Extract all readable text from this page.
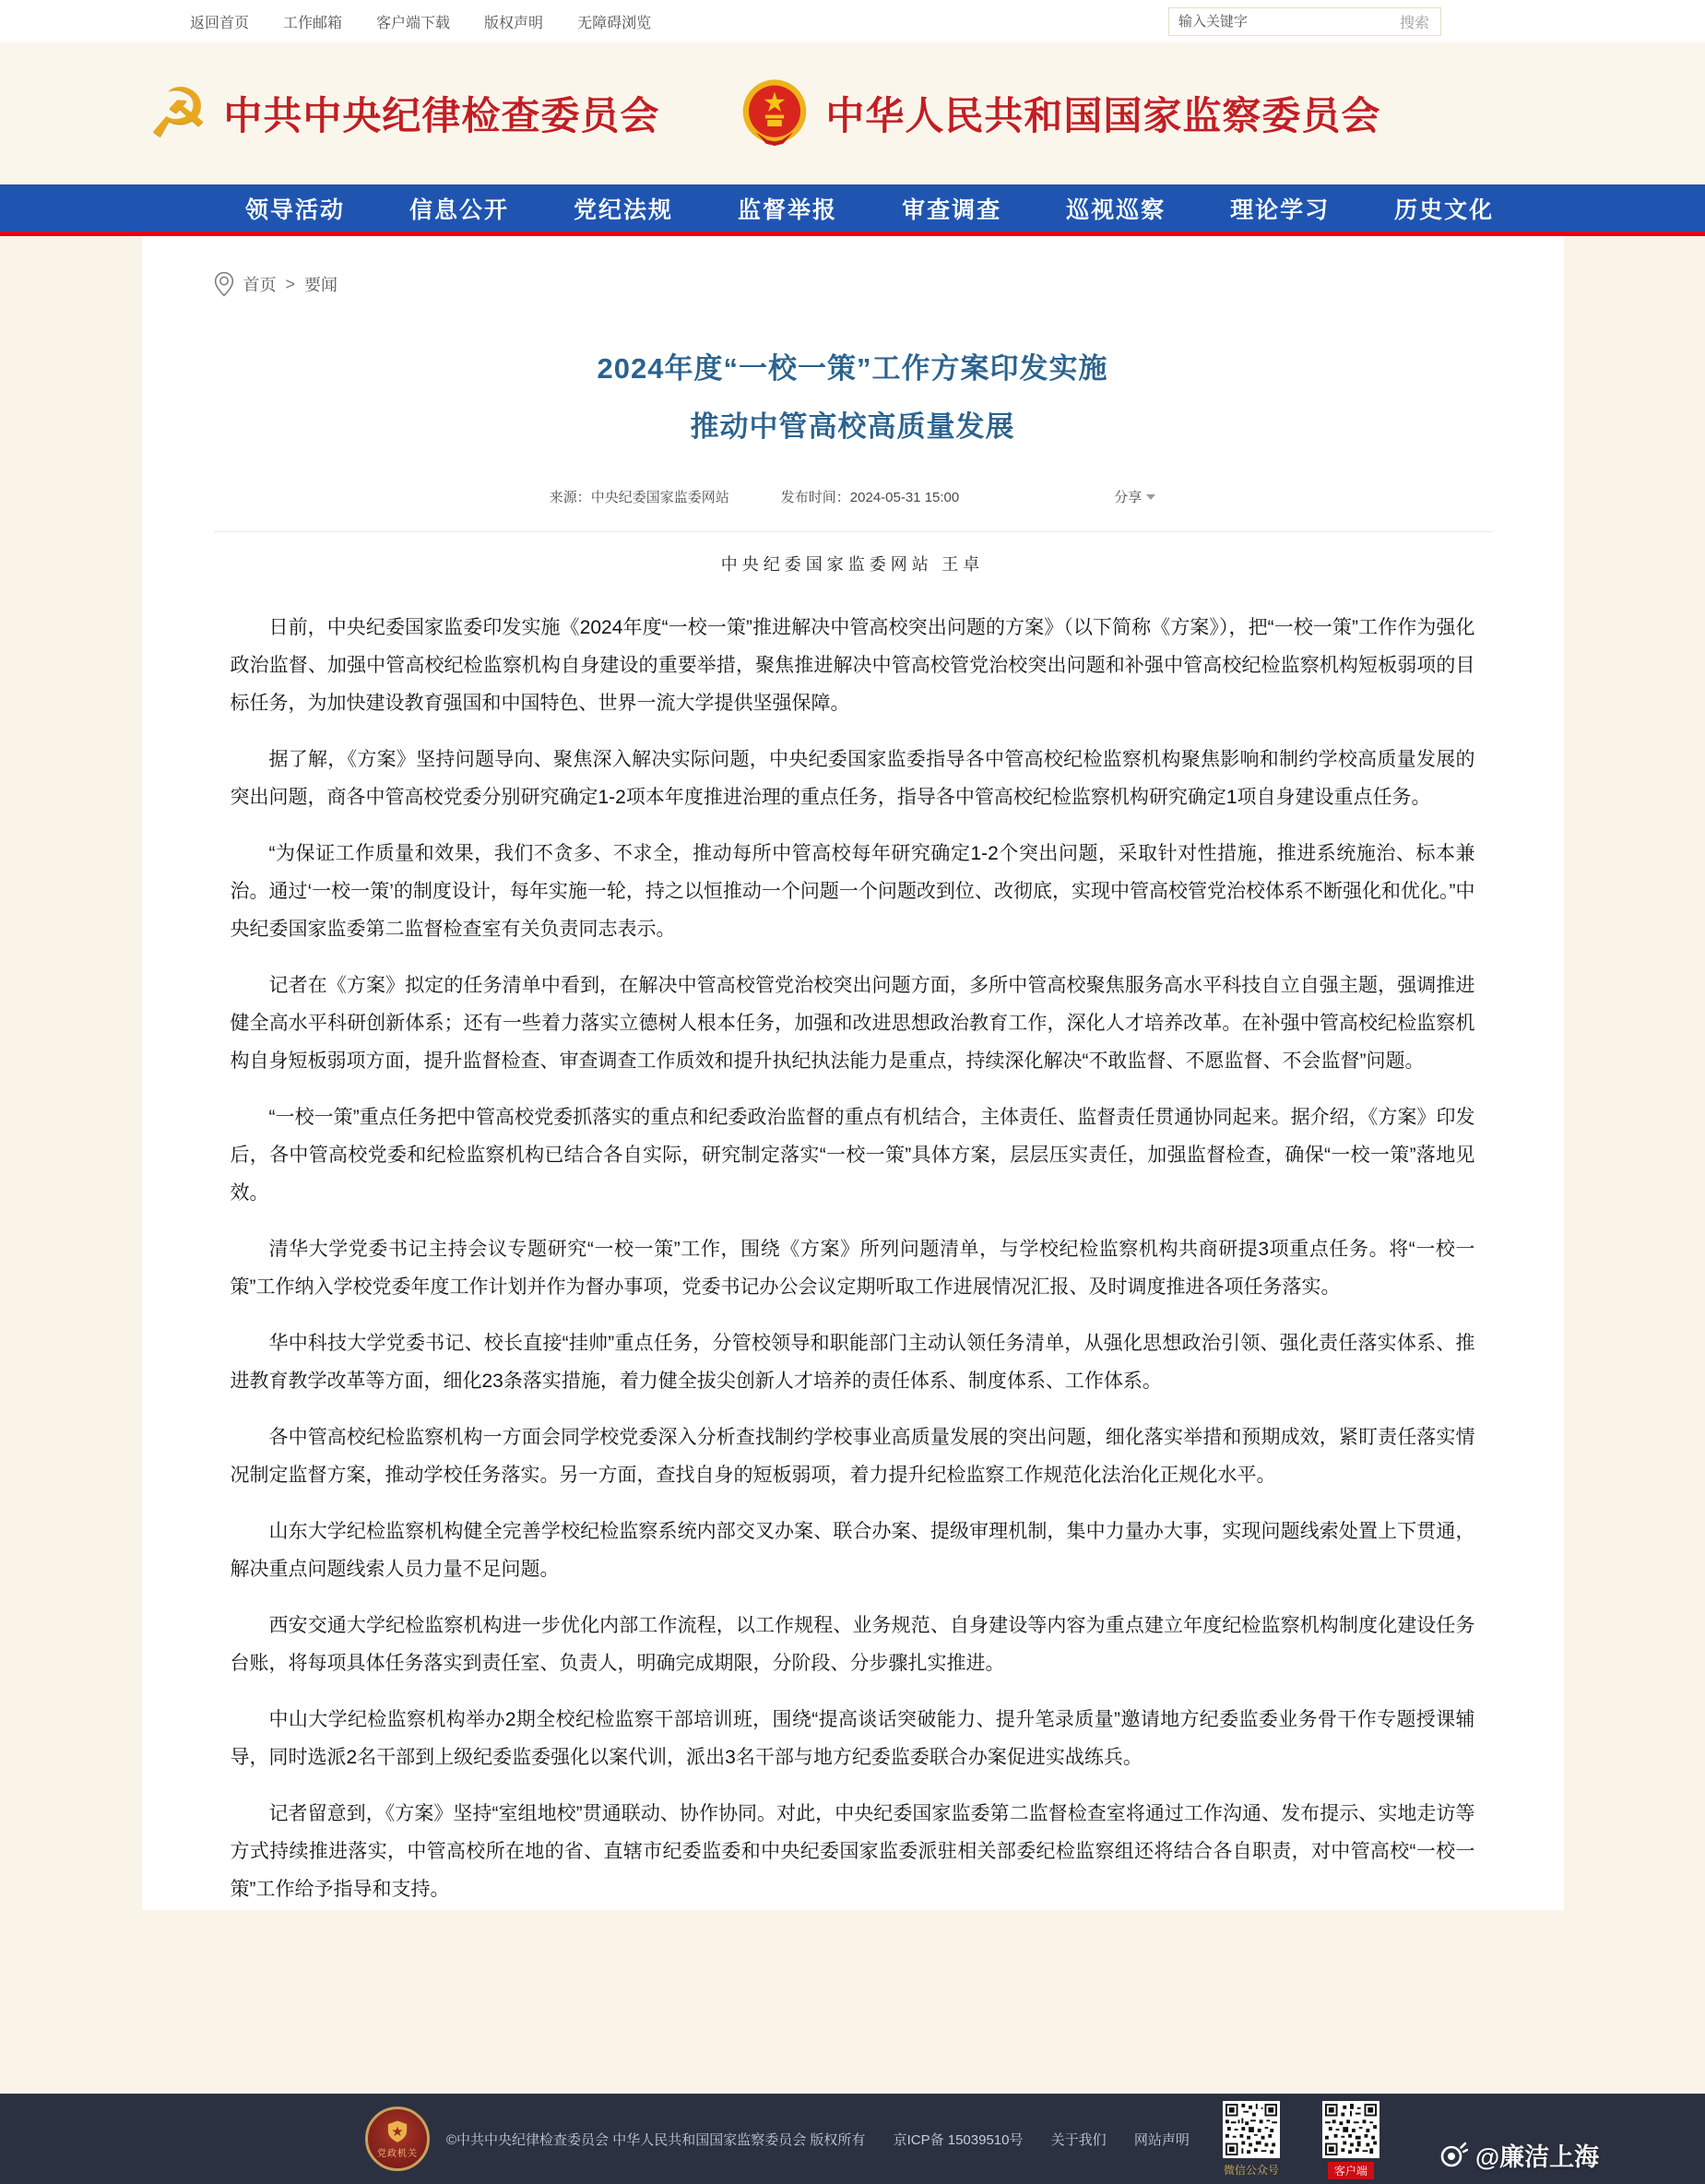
返回首页 工作邮箱 客户端下载 版权声明 无障碍浏览
输入关键字	搜索
☭ 中共中央纪律检查委员会	中华人民共和国国家监察委员会
领导活动	信息公开	党纪法规	监督举报	审查调查	巡视巡察	理论学习	历史文化
首页 > 要闻
2024年度“一校一策”工作方案印发实施
推动中管高校高质量发展
来源：中央纪委国家监委网站	发布时间：2024-05-31 15:00	分享
中央纪委国家监委网站 王卓

日前，中央纪委国家监委印发实施《2024年度“一校一策”推进解决中管高校突出问题的方案》（以下简称《方案》），把“一校一策”工作作为强化政治监督、加强中管高校纪检监察机构自身建设的重要举措，聚焦推进解决中管高校管党治校突出问题和补强中管高校纪检监察机构短板弱项的目标任务，为加快建设教育强国和中国特色、世界一流大学提供坚强保障。

据了解，《方案》坚持问题导向、聚焦深入解决实际问题，中央纪委国家监委指导各中管高校纪检监察机构聚焦影响和制约学校高质量发展的突出问题，商各中管高校党委分别研究确定1-2项本年度推进治理的重点任务，指导各中管高校纪检监察机构研究确定1项自身建设重点任务。

“为保证工作质量和效果，我们不贪多、不求全，推动每所中管高校每年研究确定1-2个突出问题，采取针对性措施，推进系统施治、标本兼治。通过‘一校一策’的制度设计，每年实施一轮，持之以恒推动一个问题一个问题改到位、改彻底，实现中管高校管党治校体系不断强化和优化。”中央纪委国家监委第二监督检查室有关负责同志表示。

记者在《方案》拟定的任务清单中看到，在解决中管高校管党治校突出问题方面，多所中管高校聚焦服务高水平科技自立自强主题，强调推进健全高水平科研创新体系；还有一些着力落实立德树人根本任务，加强和改进思想政治教育工作，深化人才培养改革。在补强中管高校纪检监察机构自身短板弱项方面，提升监督检查、审查调查工作质效和提升执纪执法能力是重点，持续深化解决“不敢监督、不愿监督、不会监督”问题。

“一校一策”重点任务把中管高校党委抓落实的重点和纪委政治监督的重点有机结合，主体责任、监督责任贯通协同起来。据介绍，《方案》印发后，各中管高校党委和纪检监察机构已结合各自实际，研究制定落实“一校一策”具体方案，层层压实责任，加强监督检查，确保“一校一策”落地见效。

清华大学党委书记主持会议专题研究“一校一策”工作，围绕《方案》所列问题清单，与学校纪检监察机构共商研提3项重点任务。将“一校一策”工作纳入学校党委年度工作计划并作为督办事项，党委书记办公会议定期听取工作进展情况汇报、及时调度推进各项任务落实。

华中科技大学党委书记、校长直接“挂帅”重点任务，分管校领导和职能部门主动认领任务清单，从强化思想政治引领、强化责任落实体系、推进教育教学改革等方面，细化23条落实措施，着力健全拔尖创新人才培养的责任体系、制度体系、工作体系。

各中管高校纪检监察机构一方面会同学校党委深入分析查找制约学校事业高质量发展的突出问题，细化落实举措和预期成效，紧盯责任落实情况制定监督方案，推动学校任务落实。另一方面，查找自身的短板弱项，着力提升纪检监察工作规范化法治化正规化水平。

山东大学纪检监察机构健全完善学校纪检监察系统内部交叉办案、联合办案、提级审理机制，集中力量办大事，实现问题线索处置上下贯通，解决重点问题线索人员力量不足问题。

西安交通大学纪检监察机构进一步优化内部工作流程，以工作规程、业务规范、自身建设等内容为重点建立年度纪检监察机构制度化建设任务台账，将每项具体任务落实到责任室、负责人，明确完成期限，分阶段、分步骤扎实推进。

中山大学纪检监察机构举办2期全校纪检监察干部培训班，围绕“提高谈话突破能力、提升笔录质量”邀请地方纪委监委业务骨干作专题授课辅导，同时选派2名干部到上级纪委监委强化以案代训，派出3名干部与地方纪委监委联合办案促进实战练兵。

记者留意到，《方案》坚持“室组地校”贯通联动、协作协同。对此，中央纪委国家监委第二监督检查室将通过工作沟通、发布提示、实地走访等方式持续推进落实，中管高校所在地的省、直辖市纪委监委和中央纪委国家监委派驻相关部委纪检监察组还将结合各自职责，对中管高校“一校一策”工作给予指导和支持。

党政机关
©中共中央纪律检查委员会 中华人民共和国国家监察委员会 版权所有 京ICP备 15039510号 关于我们 网站声明
微信公众号	客户端	@廉洁上海
